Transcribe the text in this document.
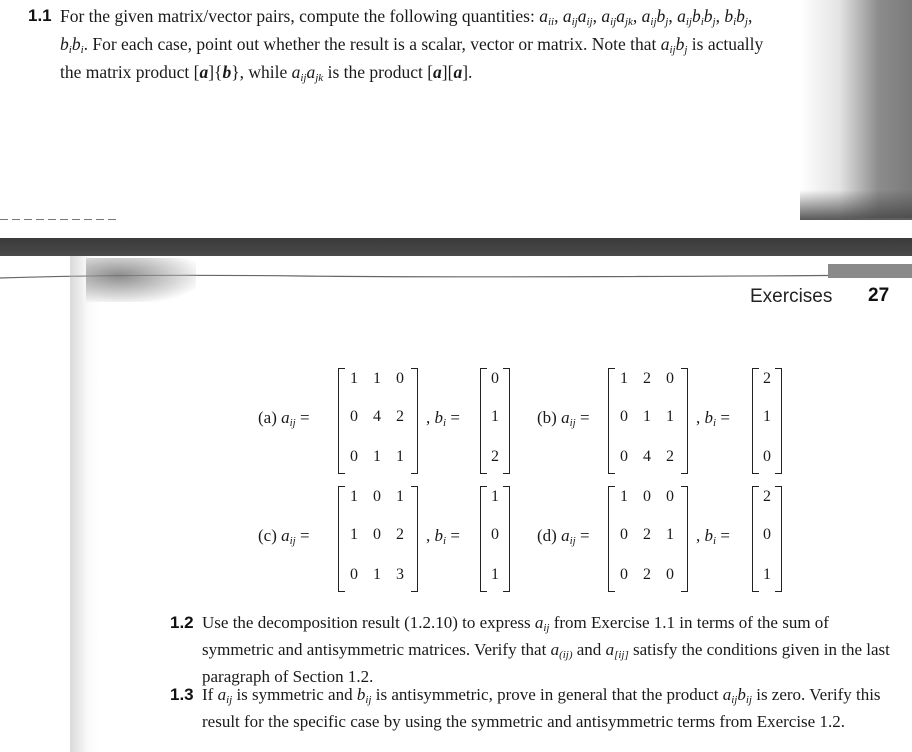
1.1 For the given matrix/vector pairs, compute the following quantities: $a_{ii}$, $a_{ij}a_{ij}$, $a_{ij}a_{jk}$, $a_{ij}b_j$, $a_{ij}b_ib_j$, $b_ib_j$, $b_ib_i$. For each case, point out whether the result is a scalar, vector or matrix. Note that $a_{ij}b_j$ is actually the matrix product [a]{b}, while $a_{ij}a_{jk}$ is the product [a][a].
Exercises 27
(a) $a_{ij}$ =
1 1 0
0 4 2
0 1 1
, $b_i$ =
0
1
2
(b) $a_{ij}$ =
1 2 0
0 1 1
0 4 2
, $b_i$ =
2
1
0
(c) $a_{ij}$ =
1 0 1
1 0 2
0 1 3
, $b_i$ =
1
0
1
(d) $a_{ij}$ =
1 0 0
0 2 1
0 2 0
, $b_i$ =
2
0
1
1.2 Use the decomposition result (1.2.10) to express $a_{ij}$ from Exercise 1.1 in terms of the sum of symmetric and antisymmetric matrices. Verify that $a_{(ij)}$ and $a_{[ij]}$ satisfy the conditions given in the last paragraph of Section 1.2.
1.3 If $a_{ij}$ is symmetric and $b_{ij}$ is antisymmetric, prove in general that the product $a_{ij}b_{ij}$ is zero. Verify this result for the specific case by using the symmetric and antisymmetric terms from Exercise 1.2.
